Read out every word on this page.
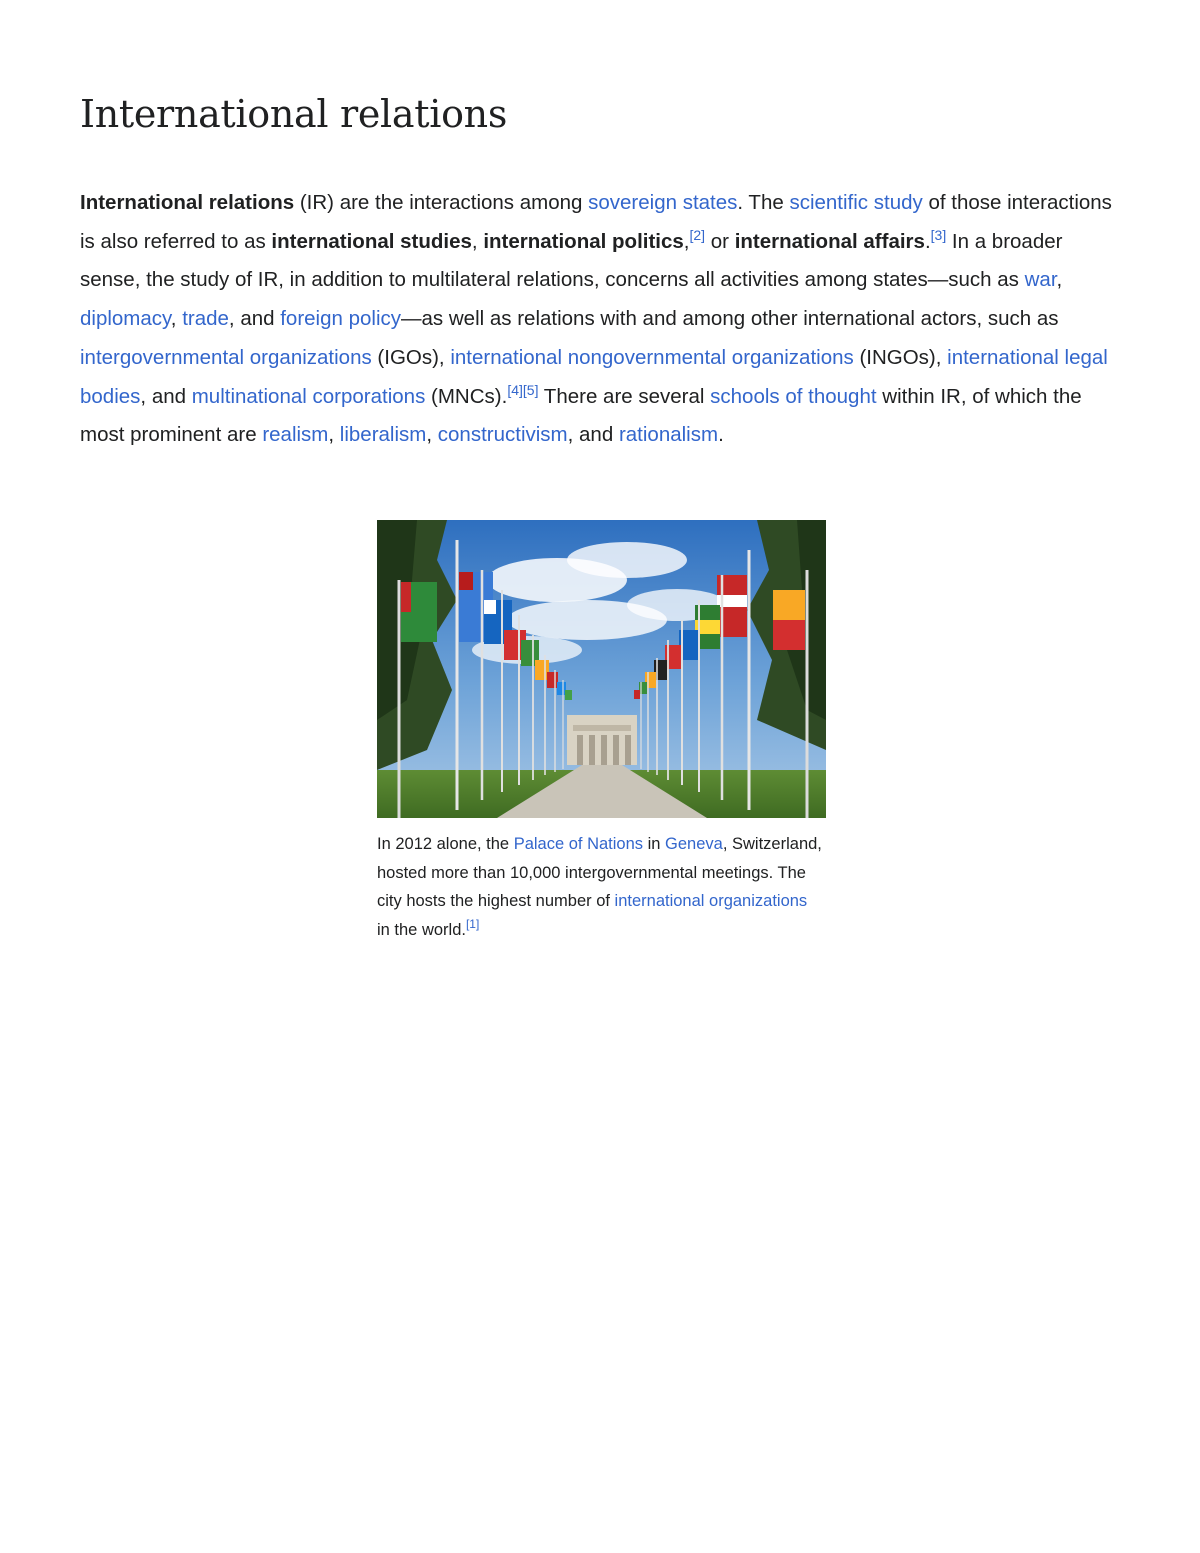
International relations

International relations (IR) are the interactions among sovereign states. The scientific study of those interactions is also referred to as international studies, international politics,[2] or international affairs.[3] In a broader sense, the study of IR, in addition to multilateral relations, concerns all activities among states—such as war, diplomacy, trade, and foreign policy—as well as relations with and among other international actors, such as intergovernmental organizations (IGOs), international nongovernmental organizations (INGOs), international legal bodies, and multinational corporations (MNCs).[4][5] There are several schools of thought within IR, of which the most prominent are realism, liberalism, constructivism, and rationalism.

In 2012 alone, the Palace of Nations in Geneva, Switzerland, hosted more than 10,000 intergovernmental meetings. The city hosts the highest number of international organizations in the world.[1]
